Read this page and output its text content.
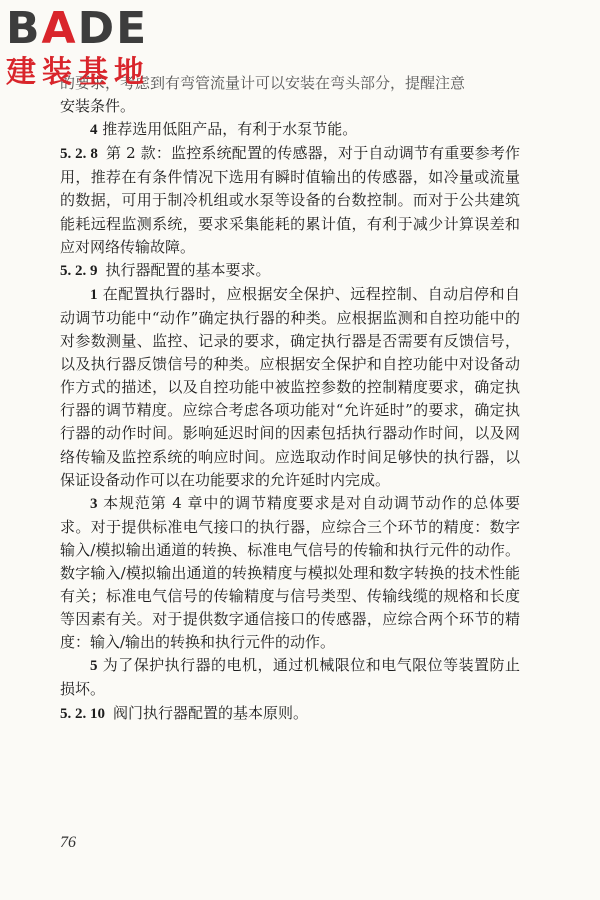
B A D E
建装基地

的要求，考虑到有弯管流量计可以安装在弯头部分，提醒注意
安装条件。

4 推荐选用低阻产品，有利于水泵节能。

5. 2. 8 第 2 款：监控系统配置的传感器，对于自动调节有重要参考作用，推荐在有条件情况下选用有瞬时值输出的传感器，如冷量或流量的数据，可用于制冷机组或水泵等设备的台数控制。而对于公共建筑能耗远程监测系统，要求采集能耗的累计值，有利于减少计算误差和应对网络传输故障。

5. 2. 9 执行器配置的基本要求。

1 在配置执行器时，应根据安全保护、远程控制、自动启停和自动调节功能中“动作”确定执行器的种类。应根据监测和自控功能中的对参数测量、监控、记录的要求，确定执行器是否需要有反馈信号，以及执行器反馈信号的种类。应根据安全保护和自控功能中对设备动作方式的描述，以及自控功能中被监控参数的控制精度要求，确定执行器的调节精度。应综合考虑各项功能对“允许延时”的要求，确定执行器的动作时间。影响延迟时间的因素包括执行器动作时间，以及网络传输及监控系统的响应时间。应选取动作时间足够快的执行器，以保证设备动作可以在功能要求的允许延时内完成。

3 本规范第 4 章中的调节精度要求是对自动调节动作的总体要求。对于提供标准电气接口的执行器，应综合三个环节的精度：数字输入/模拟输出通道的转换、标准电气信号的传输和执行元件的动作。数字输入/模拟输出通道的转换精度与模拟处理和数字转换的技术性能有关；标准电气信号的传输精度与信号类型、传输线缆的规格和长度等因素有关。对于提供数字通信接口的传感器，应综合两个环节的精度：输入/输出的转换和执行元件的动作。

5 为了保护执行器的电机，通过机械限位和电气限位等装置防止损坏。

5. 2. 10 阀门执行器配置的基本原则。

76
